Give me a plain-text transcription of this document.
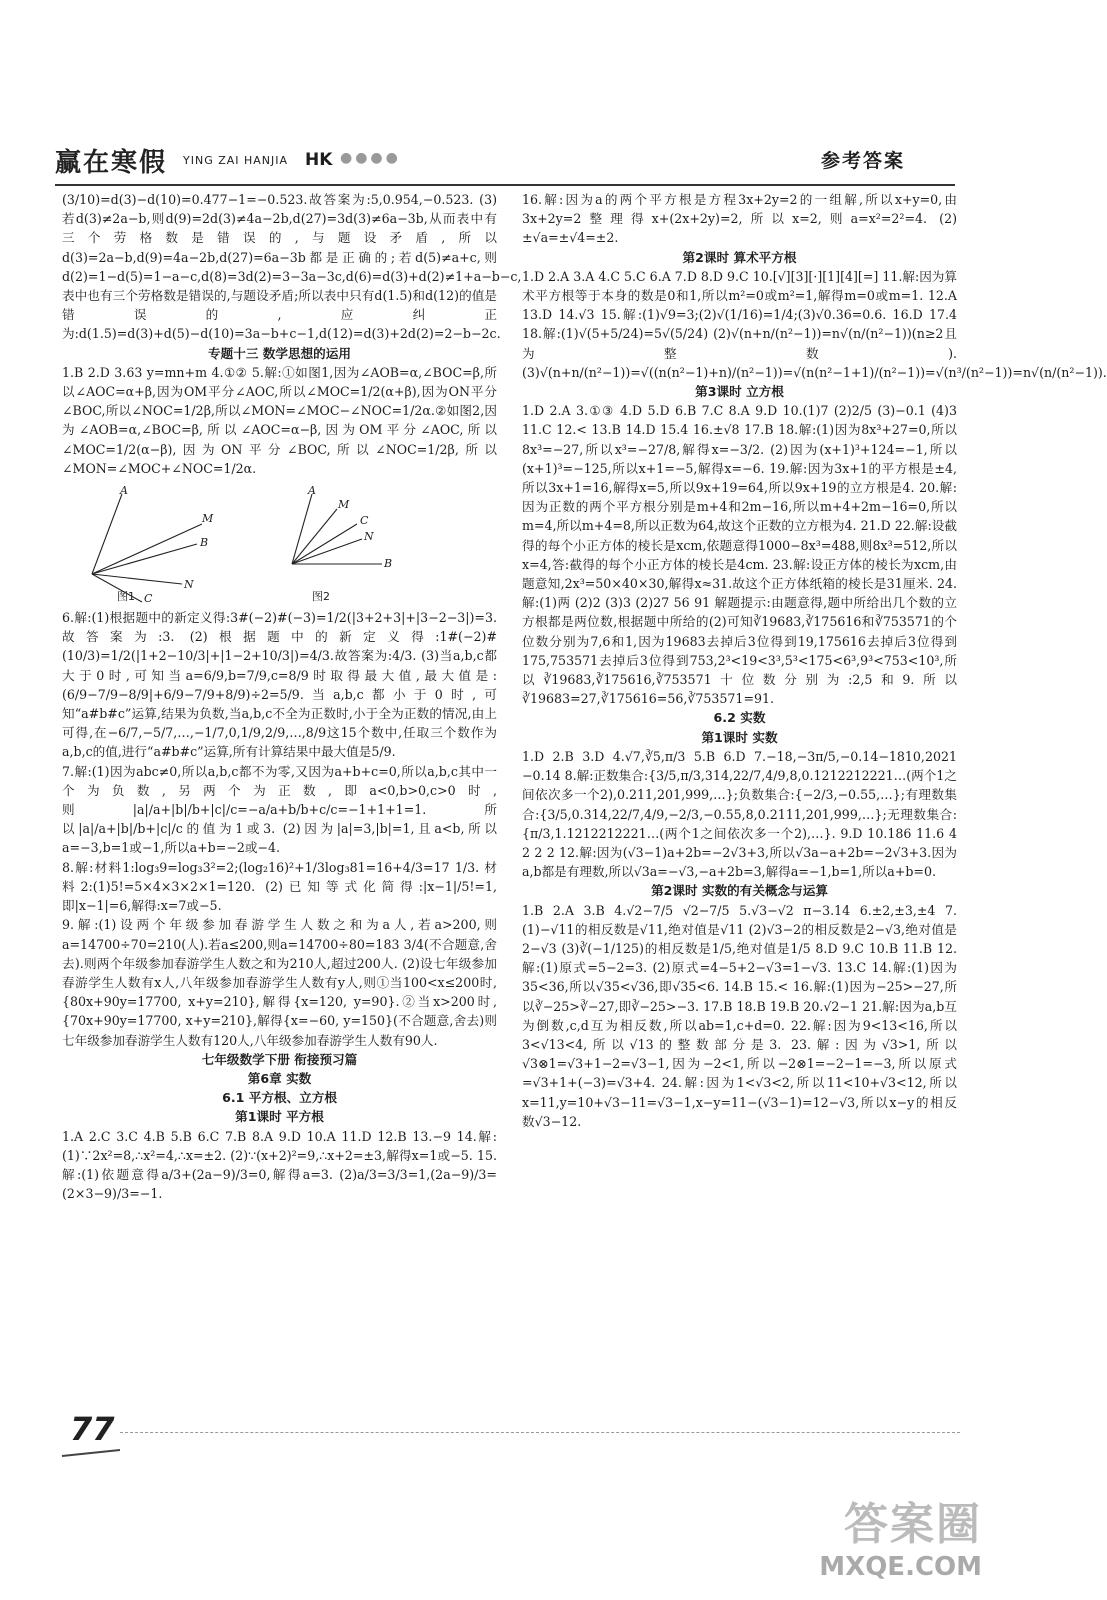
赢在寒假 YING ZAI HANJIA HK ●●●●	参考答案

(3/10)=d(3)−d(10)=0.477−1=−0.523.故答案为:5,0.954,−0.523. (3)若d(3)≠2a−b,则d(9)=2d(3)≠4a−2b,d(27)=3d(3)≠6a−3b,从而表中有三个劳格数是错误的,与题设矛盾,所以d(3)=2a−b,d(9)=4a−2b,d(27)=6a−3b都是正确的;若d(5)≠a+c,则d(2)=1−d(5)=1−a−c,d(8)=3d(2)=3−3a−3c,d(6)=d(3)+d(2)≠1+a−b−c,表中也有三个劳格数是错误的,与题设矛盾;所以表中只有d(1.5)和d(12)的值是错误的,应纠正为:d(1.5)=d(3)+d(5)−d(10)=3a−b+c−1,d(12)=d(3)+2d(2)=2−b−2c.

专题十三 数学思想的运用

1.B 2.D 3.63 y=mn+m 4.①② 5.解:①如图1,因为∠AOB=α,∠BOC=β,所以∠AOC=α+β,因为OM平分∠AOC,所以∠MOC=1/2(α+β),因为ON平分∠BOC,所以∠NOC=1/2β,所以∠MON=∠MOC−∠NOC=1/2α.②如图2,因为∠AOB=α,∠BOC=β,所以∠AOC=α−β,因为OM平分∠AOC,所以∠MOC=1/2(α−β),因为ON平分∠BOC,所以∠NOC=1/2β,所以∠MON=∠MOC+∠NOC=1/2α.

A
M
B
N
C
A
M
C
N
B
图1	图2

6.解:(1)根据题中的新定义得:3#(−2)#(−3)=1/2(|3+2+3|+|3−2−3|)=3.故答案为:3. (2)根据题中的新定义得:1#(−2)#(10/3)=1/2(|1+2−10/3|+|1−2+10/3|)=4/3.故答案为:4/3. (3)当a,b,c都大于0时,可知当a=6/9,b=7/9,c=8/9时取得最大值,最大值是:(6/9−7/9−8/9|+6/9−7/9+8/9)÷2=5/9.当a,b,c都小于0时,可知“a#b#c”运算,结果为负数,当a,b,c不全为正数时,小于全为正数的情况,由上可得,在−6/7,−5/7,…,−1/7,0,1/9,2/9,…,8/9这15个数中,任取三个数作为a,b,c的值,进行“a#b#c”运算,所有计算结果中最大值是5/9.

7.解:(1)因为abc≠0,所以a,b,c都不为零,又因为a+b+c=0,所以a,b,c其中一个为负数,另两个为正数,即a<0,b>0,c>0时,则|a|/a+|b|/b+|c|/c=−a/a+b/b+c/c=−1+1+1=1.所以|a|/a+|b|/b+|c|/c的值为1或3. (2)因为|a|=3,|b|=1,且a<b,所以a=−3,b=1或−1,所以a+b=−2或−4.

8.解:材料1:log₃9=log₃3²=2;(log₂16)²+1/3log₃81=16+4/3=17 1/3. 材料2:(1)5!=5×4×3×2×1=120. (2)已知等式化简得:|x−1|/5!=1,即|x−1|=6,解得:x=7或−5.

9.解:(1)设两个年级参加春游学生人数之和为a人,若a>200,则a=14700÷70=210(人).若a≤200,则a=14700÷80=183 3/4(不合题意,舍去).则两个年级参加春游学生人数之和为210人,超过200人. (2)设七年级参加春游学生人数有x人,八年级参加春游学生人数有y人,则①当100<x≤200时,{80x+90y=17700, x+y=210},解得{x=120, y=90}.②当x>200时,{70x+90y=17700, x+y=210},解得{x=−60, y=150}(不合题意,舍去)则七年级参加春游学生人数有120人,八年级参加春游学生人数有90人.

七年级数学下册 衔接预习篇

第6章 实数

6.1 平方根、立方根

第1课时 平方根

1.A 2.C 3.C 4.B 5.B 6.C 7.B 8.A 9.D 10.A 11.D 12.B 13.−9 14.解:(1)∵2x²=8,∴x²=4,∴x=±2. (2)∵(x+2)²=9,∴x+2=±3,解得x=1或−5. 15.解:(1)依题意得a/3+(2a−9)/3=0,解得a=3. (2)a/3=3/3=1,(2a−9)/3=(2×3−9)/3=−1.

16.解:因为a的两个平方根是方程3x+2y=2的一组解,所以x+y=0,由3x+2y=2整理得x+(2x+2y)=2,所以x=2,则a=x²=2²=4. (2)±√a=±√4=±2.

第2课时 算术平方根

1.D 2.A 3.A 4.C 5.C 6.A 7.D 8.D 9.C 10.[√][3][·][1][4][=] 11.解:因为算术平方根等于本身的数是0和1,所以m²=0或m²=1,解得m=0或m=1. 12.A 13.D 14.√3 15.解:(1)√9=3;(2)√(1/16)=1/4;(3)√0.36=0.6. 16.D 17.4 18.解:(1)√(5+5/24)=5√(5/24) (2)√(n+n/(n²−1))=n√(n/(n²−1))(n≥2且为整数). (3)√(n+n/(n²−1))=√((n(n²−1)+n)/(n²−1))=√(n(n²−1+1)/(n²−1))=√(n³/(n²−1))=n√(n/(n²−1)).

第3课时 立方根

1.D 2.A 3.①③ 4.D 5.D 6.B 7.C 8.A 9.D 10.(1)7 (2)2/5 (3)−0.1 (4)3 11.C 12.< 13.B 14.D 15.4 16.±√8 17.B 18.解:(1)因为8x³+27=0,所以8x³=−27,所以x³=−27/8,解得x=−3/2. (2)因为(x+1)³+124=−1,所以(x+1)³=−125,所以x+1=−5,解得x=−6. 19.解:因为3x+1的平方根是±4,所以3x+1=16,解得x=5,所以9x+19=64,所以9x+19的立方根是4. 20.解:因为正数的两个平方根分别是m+4和2m−16,所以m+4+2m−16=0,所以m=4,所以m+4=8,所以正数为64,故这个正数的立方根为4. 21.D 22.解:设截得的每个小正方体的棱长是xcm,依题意得1000−8x³=488,则8x³=512,所以x=4,答:截得的每个小正方体的棱长是4cm. 23.解:设正方体的棱长为xcm,由题意知,2x³=50×40×30,解得x≈31.故这个正方体纸箱的棱长是31厘米. 24.解:(1)两 (2)2 (3)3 (2)27 56 91 解题提示:由题意得,题中所给出几个数的立方根都是两位数,根据题中所给的(2)可知∛19683,∛175616和∛753571的个位数分别为7,6和1,因为19683去掉后3位得到19,175616去掉后3位得到175,753571去掉后3位得到753,2³<19<3³,5³<175<6³,9³<753<10³,所以∛19683,∛175616,∛753571十位数分别为:2,5和9.所以∛19683=27,∛175616=56,∛753571=91.

6.2 实数

第1课时 实数

1.D 2.B 3.D 4.√7,∛5,π/3 5.B 6.D 7.−18,−3π/5,−0.14−1810,2021 −0.14 8.解:正数集合:{3/5,π/3,314,22/7,4/9,8,0.1212212221…(两个1之间依次多一个2),0.211,201,999,…};负数集合:{−2/3,−0.55,…};有理数集合:{3/5,0.314,22/7,4/9,−2/3,−0.55,8,0.2111,201,999,…};无理数集合:{π/3,1.1212212221…(两个1之间依次多一个2),…}. 9.D 10.186 11.6 4 2 2 2 12.解:因为(√3−1)a+2b=−2√3+3,所以√3a−a+2b=−2√3+3.因为a,b都是有理数,所以√3a=−√3,−a+2b=3,解得a=−1,b=1,所以a+b=0.

第2课时 实数的有关概念与运算

1.B 2.A 3.B 4.√2−7/5 √2−7/5 5.√3−√2 π−3.14 6.±2,±3,±4 7.(1)−√11的相反数是√11,绝对值是√11 (2)√3−2的相反数是2−√3,绝对值是2−√3 (3)∛(−1/125)的相反数是1/5,绝对值是1/5 8.D 9.C 10.B 11.B 12.解:(1)原式=5−2=3. (2)原式=4−5+2−√3=1−√3. 13.C 14.解:(1)因为35<36,所以√35<√36,即√35<6. 14.B 15.< 16.解:(1)因为−25>−27,所以∛−25>∛−27,即∛−25>−3. 17.B 18.B 19.B 20.√2−1 21.解:因为a,b互为倒数,c,d互为相反数,所以ab=1,c+d=0. 22.解:因为9<13<16,所以3<√13<4,所以√13的整数部分是3. 23.解:因为√3>1,所以√3⊗1=√3+1−2=√3−1,因为−2<1,所以−2⊗1=−2−1=−3,所以原式=√3+1+(−3)=√3+4. 24.解:因为1<√3<2,所以11<10+√3<12,所以x=11,y=10+√3−11=√3−1,x−y=11−(√3−1)=12−√3,所以x−y的相反数√3−12.

77
答案圈
MXQE.COM
